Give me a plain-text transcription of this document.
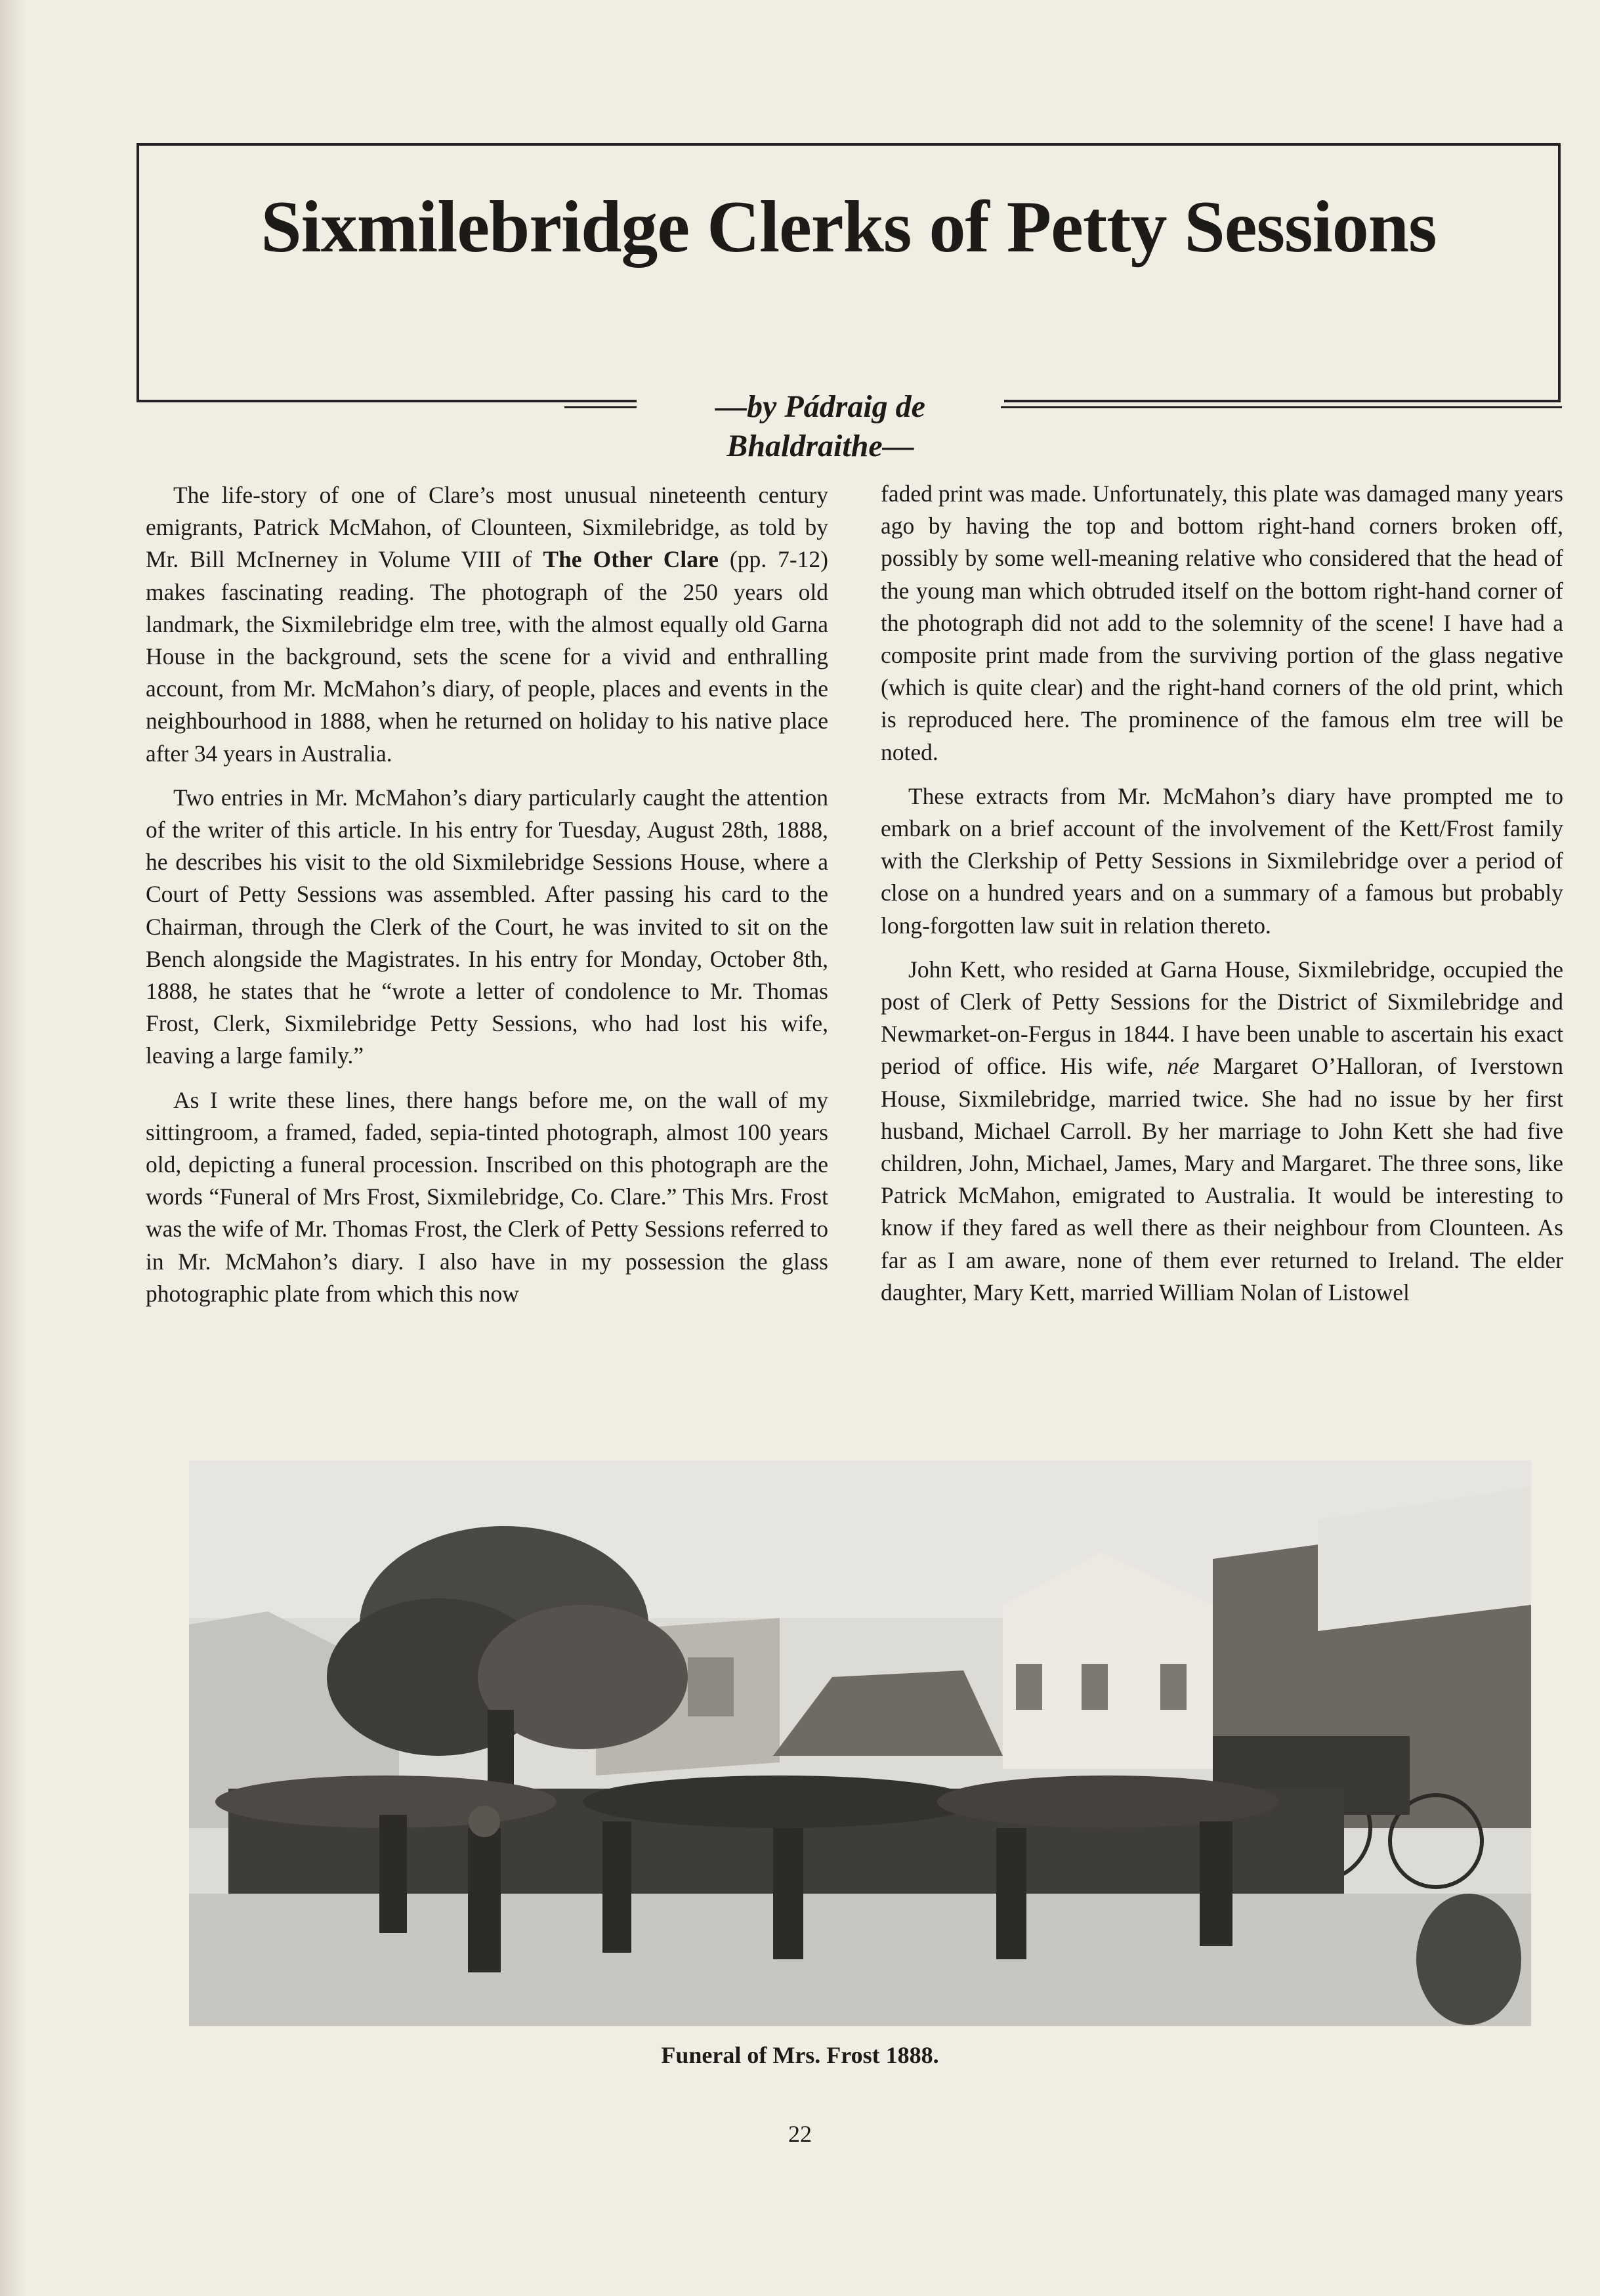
Sixmilebridge Clerks of Petty Sessions
—by Pádraig de Bhaldraithe—

The life-story of one of Clare’s most unusual nineteenth century emigrants, Patrick McMahon, of Clounteen, Sixmilebridge, as told by Mr. Bill McInerney in Volume VIII of The Other Clare (pp. 7-12) makes fascinating reading. The photograph of the 250 years old landmark, the Sixmilebridge elm tree, with the almost equally old Garna House in the background, sets the scene for a vivid and enthralling account, from Mr. McMahon’s diary, of people, places and events in the neighbourhood in 1888, when he returned on holiday to his native place after 34 years in Australia.

Two entries in Mr. McMahon’s diary particularly caught the attention of the writer of this article. In his entry for Tuesday, August 28th, 1888, he describes his visit to the old Sixmilebridge Sessions House, where a Court of Petty Sessions was assembled. After passing his card to the Chairman, through the Clerk of the Court, he was invited to sit on the Bench alongside the Magistrates. In his entry for Monday, October 8th, 1888, he states that he “wrote a letter of condolence to Mr. Thomas Frost, Clerk, Sixmilebridge Petty Sessions, who had lost his wife, leaving a large family.”

As I write these lines, there hangs before me, on the wall of my sittingroom, a framed, faded, sepia-tinted photograph, almost 100 years old, depicting a funeral procession. Inscribed on this photograph are the words “Funeral of Mrs Frost, Sixmilebridge, Co. Clare.” This Mrs. Frost was the wife of Mr. Thomas Frost, the Clerk of Petty Sessions referred to in Mr. McMahon’s diary. I also have in my possession the glass photographic plate from which this now

faded print was made. Unfortunately, this plate was damaged many years ago by having the top and bottom right-hand corners broken off, possibly by some well-meaning relative who considered that the head of the young man which obtruded itself on the bottom right-hand corner of the photograph did not add to the solemnity of the scene! I have had a composite print made from the surviving portion of the glass negative (which is quite clear) and the right-hand corners of the old print, which is reproduced here. The prominence of the famous elm tree will be noted.

These extracts from Mr. McMahon’s diary have prompted me to embark on a brief account of the involvement of the Kett/Frost family with the Clerkship of Petty Sessions in Sixmilebridge over a period of close on a hundred years and on a summary of a famous but probably long-forgotten law suit in relation thereto.

John Kett, who resided at Garna House, Sixmilebridge, occupied the post of Clerk of Petty Sessions for the District of Sixmilebridge and Newmarket-on-Fergus in 1844. I have been unable to ascertain his exact period of office. His wife, née Margaret O’Halloran, of Iverstown House, Sixmilebridge, married twice. She had no issue by her first husband, Michael Carroll. By her marriage to John Kett she had five children, John, Michael, James, Mary and Margaret. The three sons, like Patrick McMahon, emigrated to Australia. It would be interesting to know if they fared as well there as their neighbour from Clounteen. As far as I am aware, none of them ever returned to Ireland. The elder daughter, Mary Kett, married William Nolan of Listowel

Funeral of Mrs. Frost 1888.
22
